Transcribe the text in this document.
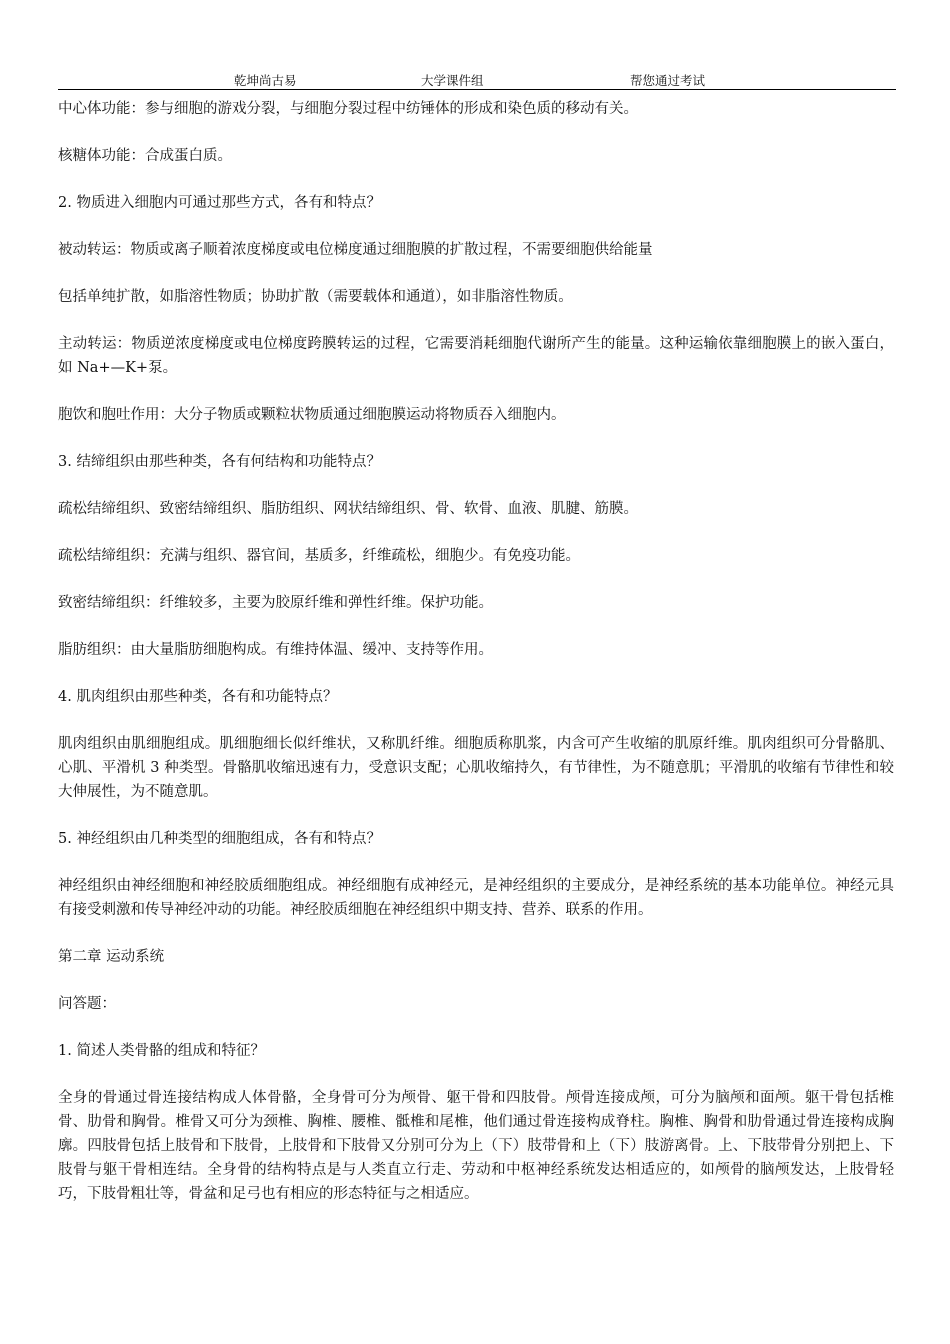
乾坤尚古易	大学课件组	帮您通过考试

中心体功能：参与细胞的游戏分裂，与细胞分裂过程中纺锤体的形成和染色质的移动有关。

核糖体功能：合成蛋白质。

2. 物质进入细胞内可通过那些方式，各有和特点？

被动转运：物质或离子顺着浓度梯度或电位梯度通过细胞膜的扩散过程，不需要细胞供给能量

包括单纯扩散，如脂溶性物质；协助扩散（需要载体和通道），如非脂溶性物质。

主动转运：物质逆浓度梯度或电位梯度跨膜转运的过程，它需要消耗细胞代谢所产生的能量。这种运输依靠细胞膜上的嵌入蛋白，如 Na+—K+泵。

胞饮和胞吐作用：大分子物质或颗粒状物质通过细胞膜运动将物质吞入细胞内。

3. 结缔组织由那些种类，各有何结构和功能特点？

疏松结缔组织、致密结缔组织、脂肪组织、网状结缔组织、骨、软骨、血液、肌腱、筋膜。

疏松结缔组织：充满与组织、器官间，基质多，纤维疏松，细胞少。有免疫功能。

致密结缔组织：纤维较多，主要为胶原纤维和弹性纤维。保护功能。

脂肪组织：由大量脂肪细胞构成。有维持体温、缓冲、支持等作用。

4. 肌肉组织由那些种类，各有和功能特点？

肌肉组织由肌细胞组成。肌细胞细长似纤维状，又称肌纤维。细胞质称肌浆，内含可产生收缩的肌原纤维。肌肉组织可分骨骼肌、心肌、平滑机 3 种类型。骨骼肌收缩迅速有力，受意识支配；心肌收缩持久，有节律性，为不随意肌；平滑肌的收缩有节律性和较大伸展性，为不随意肌。

5. 神经组织由几种类型的细胞组成，各有和特点？

神经组织由神经细胞和神经胶质细胞组成。神经细胞有成神经元，是神经组织的主要成分，是神经系统的基本功能单位。神经元具有接受刺激和传导神经冲动的功能。神经胶质细胞在神经组织中期支持、营养、联系的作用。

第二章 运动系统

问答题：

1. 简述人类骨骼的组成和特征？

全身的骨通过骨连接结构成人体骨骼，全身骨可分为颅骨、躯干骨和四肢骨。颅骨连接成颅，可分为脑颅和面颅。躯干骨包括椎骨、肋骨和胸骨。椎骨又可分为颈椎、胸椎、腰椎、骶椎和尾椎，他们通过骨连接构成脊柱。胸椎、胸骨和肋骨通过骨连接构成胸廓。四肢骨包括上肢骨和下肢骨，上肢骨和下肢骨又分别可分为上（下）肢带骨和上（下）肢游离骨。上、下肢带骨分别把上、下肢骨与躯干骨相连结。全身骨的结构特点是与人类直立行走、劳动和中枢神经系统发达相适应的，如颅骨的脑颅发达，上肢骨轻巧，下肢骨粗壮等，骨盆和足弓也有相应的形态特征与之相适应。
